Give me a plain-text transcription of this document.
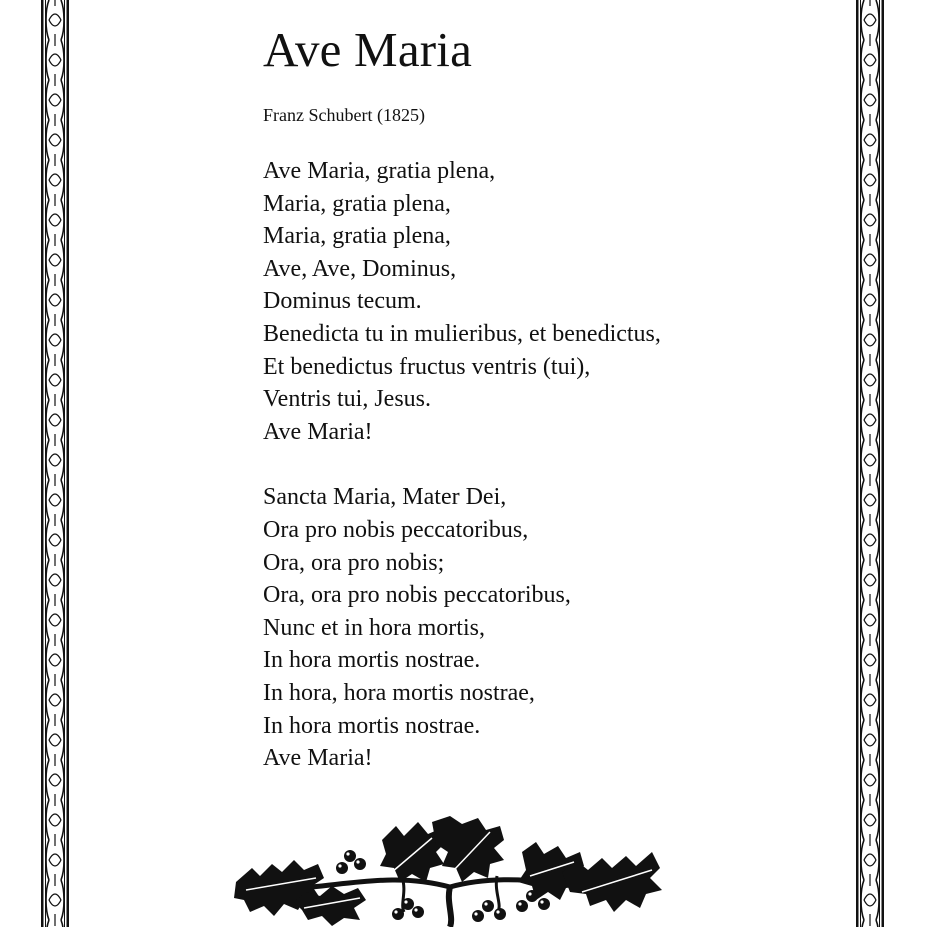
Ave Maria
Franz Schubert (1825)

Ave Maria, gratia plena,
Maria, gratia plena,
Maria, gratia plena,
Ave, Ave, Dominus,
Dominus tecum.
Benedicta tu in mulieribus, et benedictus,
Et benedictus fructus ventris (tui),
Ventris tui, Jesus.
Ave Maria!

Sancta Maria, Mater Dei,
Ora pro nobis peccatoribus,
Ora, ora pro nobis;
Ora, ora pro nobis peccatoribus,
Nunc et in hora mortis,
In hora mortis nostrae.
In hora, hora mortis nostrae,
In hora mortis nostrae.
Ave Maria!
